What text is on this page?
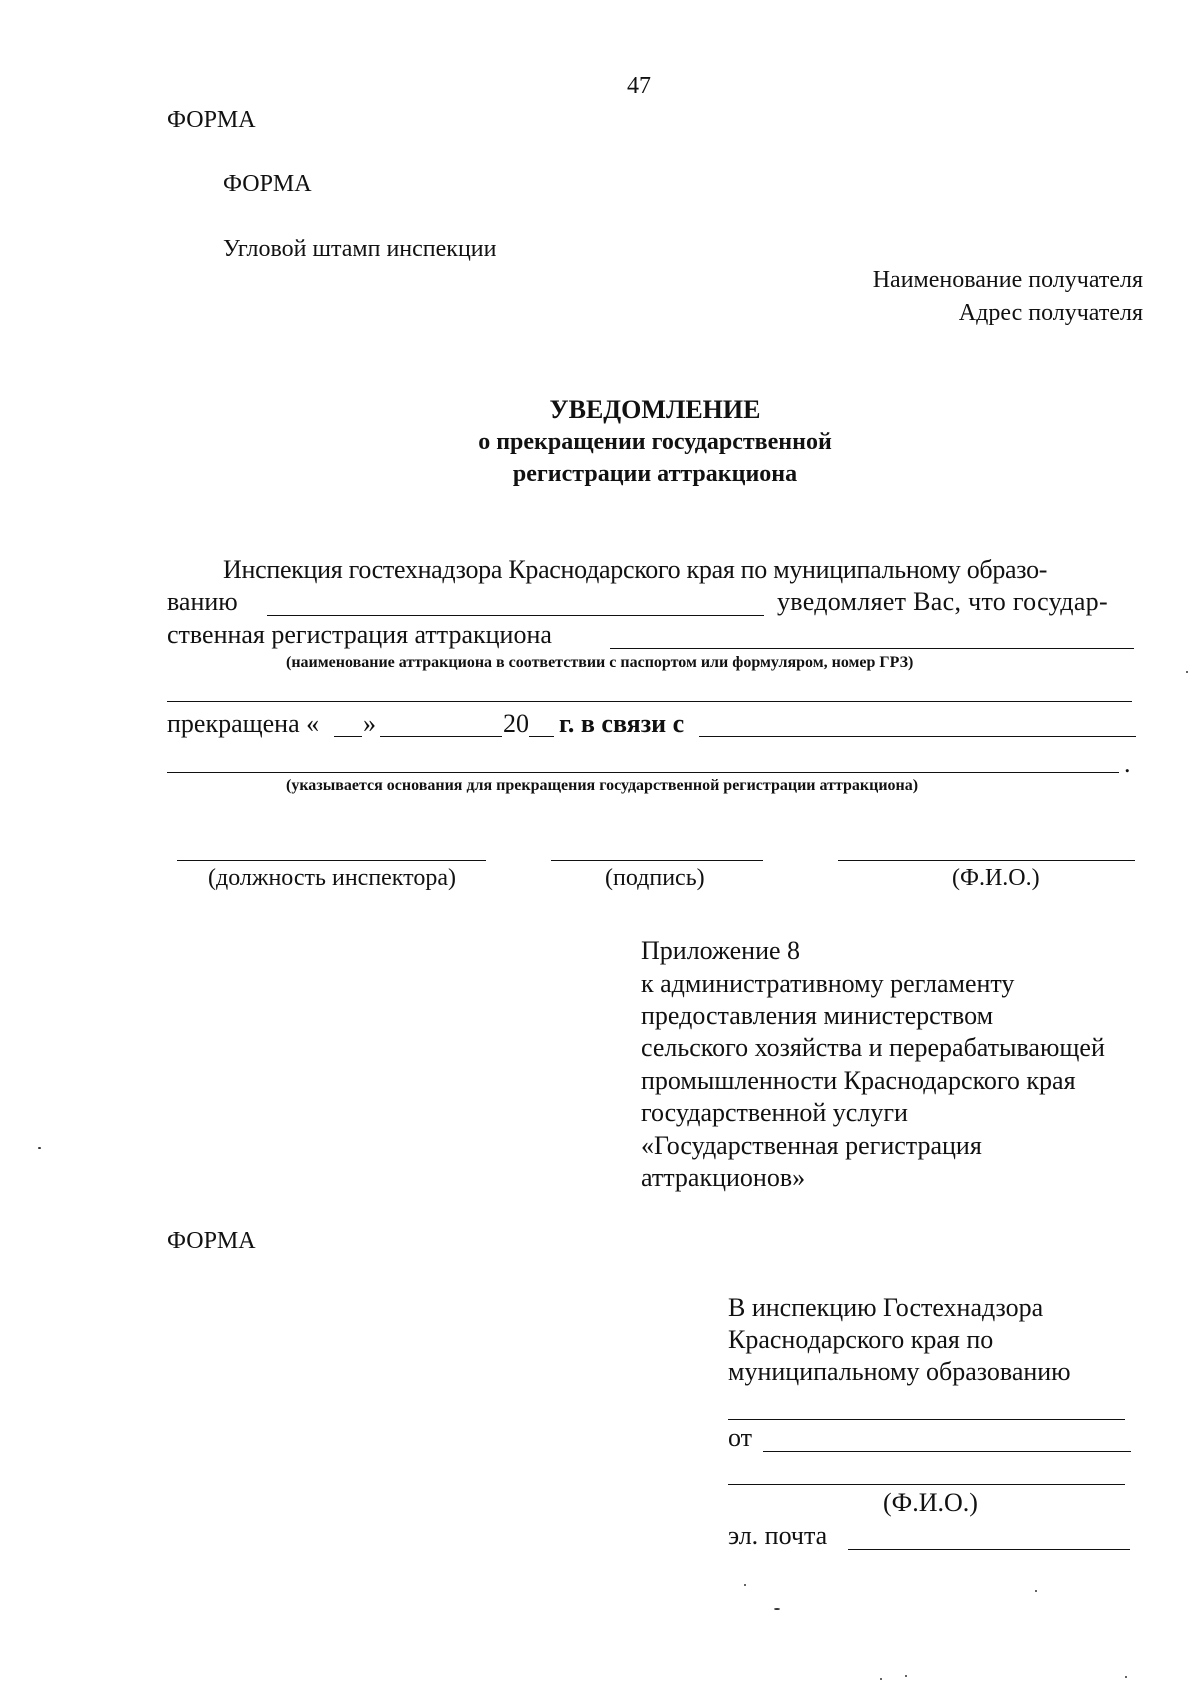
47
ФОРМА
ФОРМА
Угловой штамп инспекции
Наименование получателя
Адрес получателя
УВЕДОМЛЕНИЕ
о прекращении государственной
регистрации аттракциона
Инспекция гостехнадзора Краснодарского края по муниципальному образо-
ванию	уведомляет Вас, что государ-
ственная регистрация аттракциона
(наименование аттракциона в соответствии с паспортом или формуляром, номер ГРЗ)
прекращена « »	20 г. в связи с
.
(указывается основания для прекращения государственной регистрации аттракциона)
(должность инспектора)	(подпись)	(Ф.И.О.)
Приложение 8
к административному регламенту
предоставления министерством
сельского хозяйства и перерабатывающей
промышленности Краснодарского края
государственной услуги
«Государственная регистрация
аттракционов»
ФОРМА
В инспекцию Гостехнадзора
Краснодарского края по
муниципальному образованию
от
(Ф.И.О.)
эл. почта
